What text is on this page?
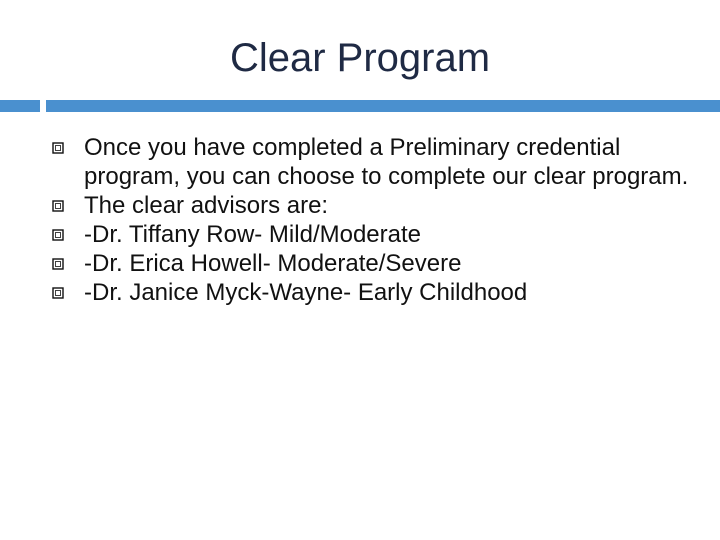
Clear Program
Once you have completed a Preliminary credential program, you can choose to complete our clear program.
The clear advisors are:
-Dr. Tiffany Row- Mild/Moderate
-Dr. Erica Howell- Moderate/Severe
-Dr. Janice Myck-Wayne- Early Childhood
